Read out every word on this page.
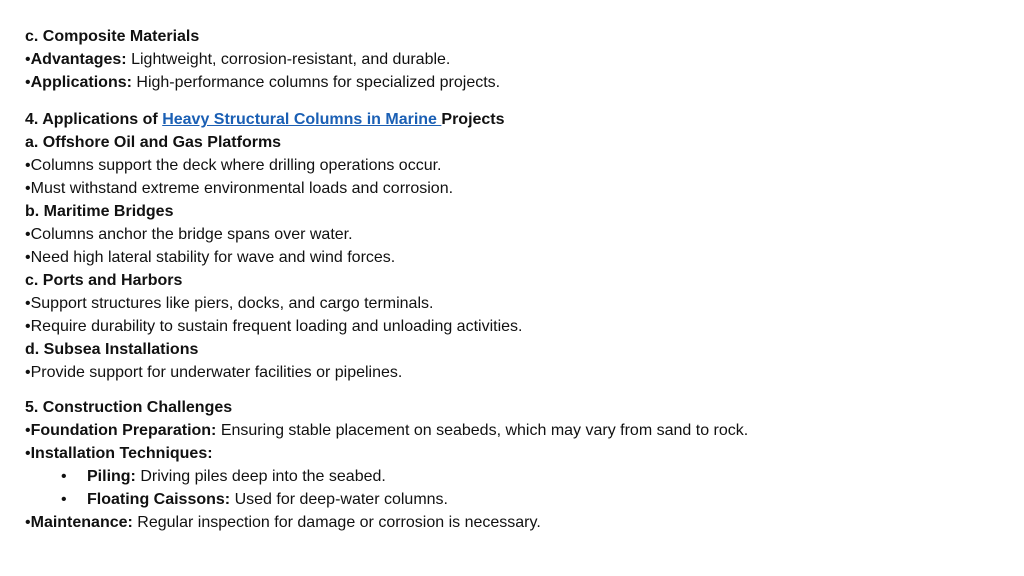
c. Composite Materials
•Advantages: Lightweight, corrosion-resistant, and durable.
•Applications: High-performance columns for specialized projects.
4. Applications of Heavy Structural Columns in Marine Projects
a. Offshore Oil and Gas Platforms
•Columns support the deck where drilling operations occur.
•Must withstand extreme environmental loads and corrosion.
b. Maritime Bridges
•Columns anchor the bridge spans over water.
•Need high lateral stability for wave and wind forces.
c. Ports and Harbors
•Support structures like piers, docks, and cargo terminals.
•Require durability to sustain frequent loading and unloading activities.
d. Subsea Installations
•Provide support for underwater facilities or pipelines.
5. Construction Challenges
•Foundation Preparation: Ensuring stable placement on seabeds, which may vary from sand to rock.
•Installation Techniques:
• Piling: Driving piles deep into the seabed.
• Floating Caissons: Used for deep-water columns.
•Maintenance: Regular inspection for damage or corrosion is necessary.
